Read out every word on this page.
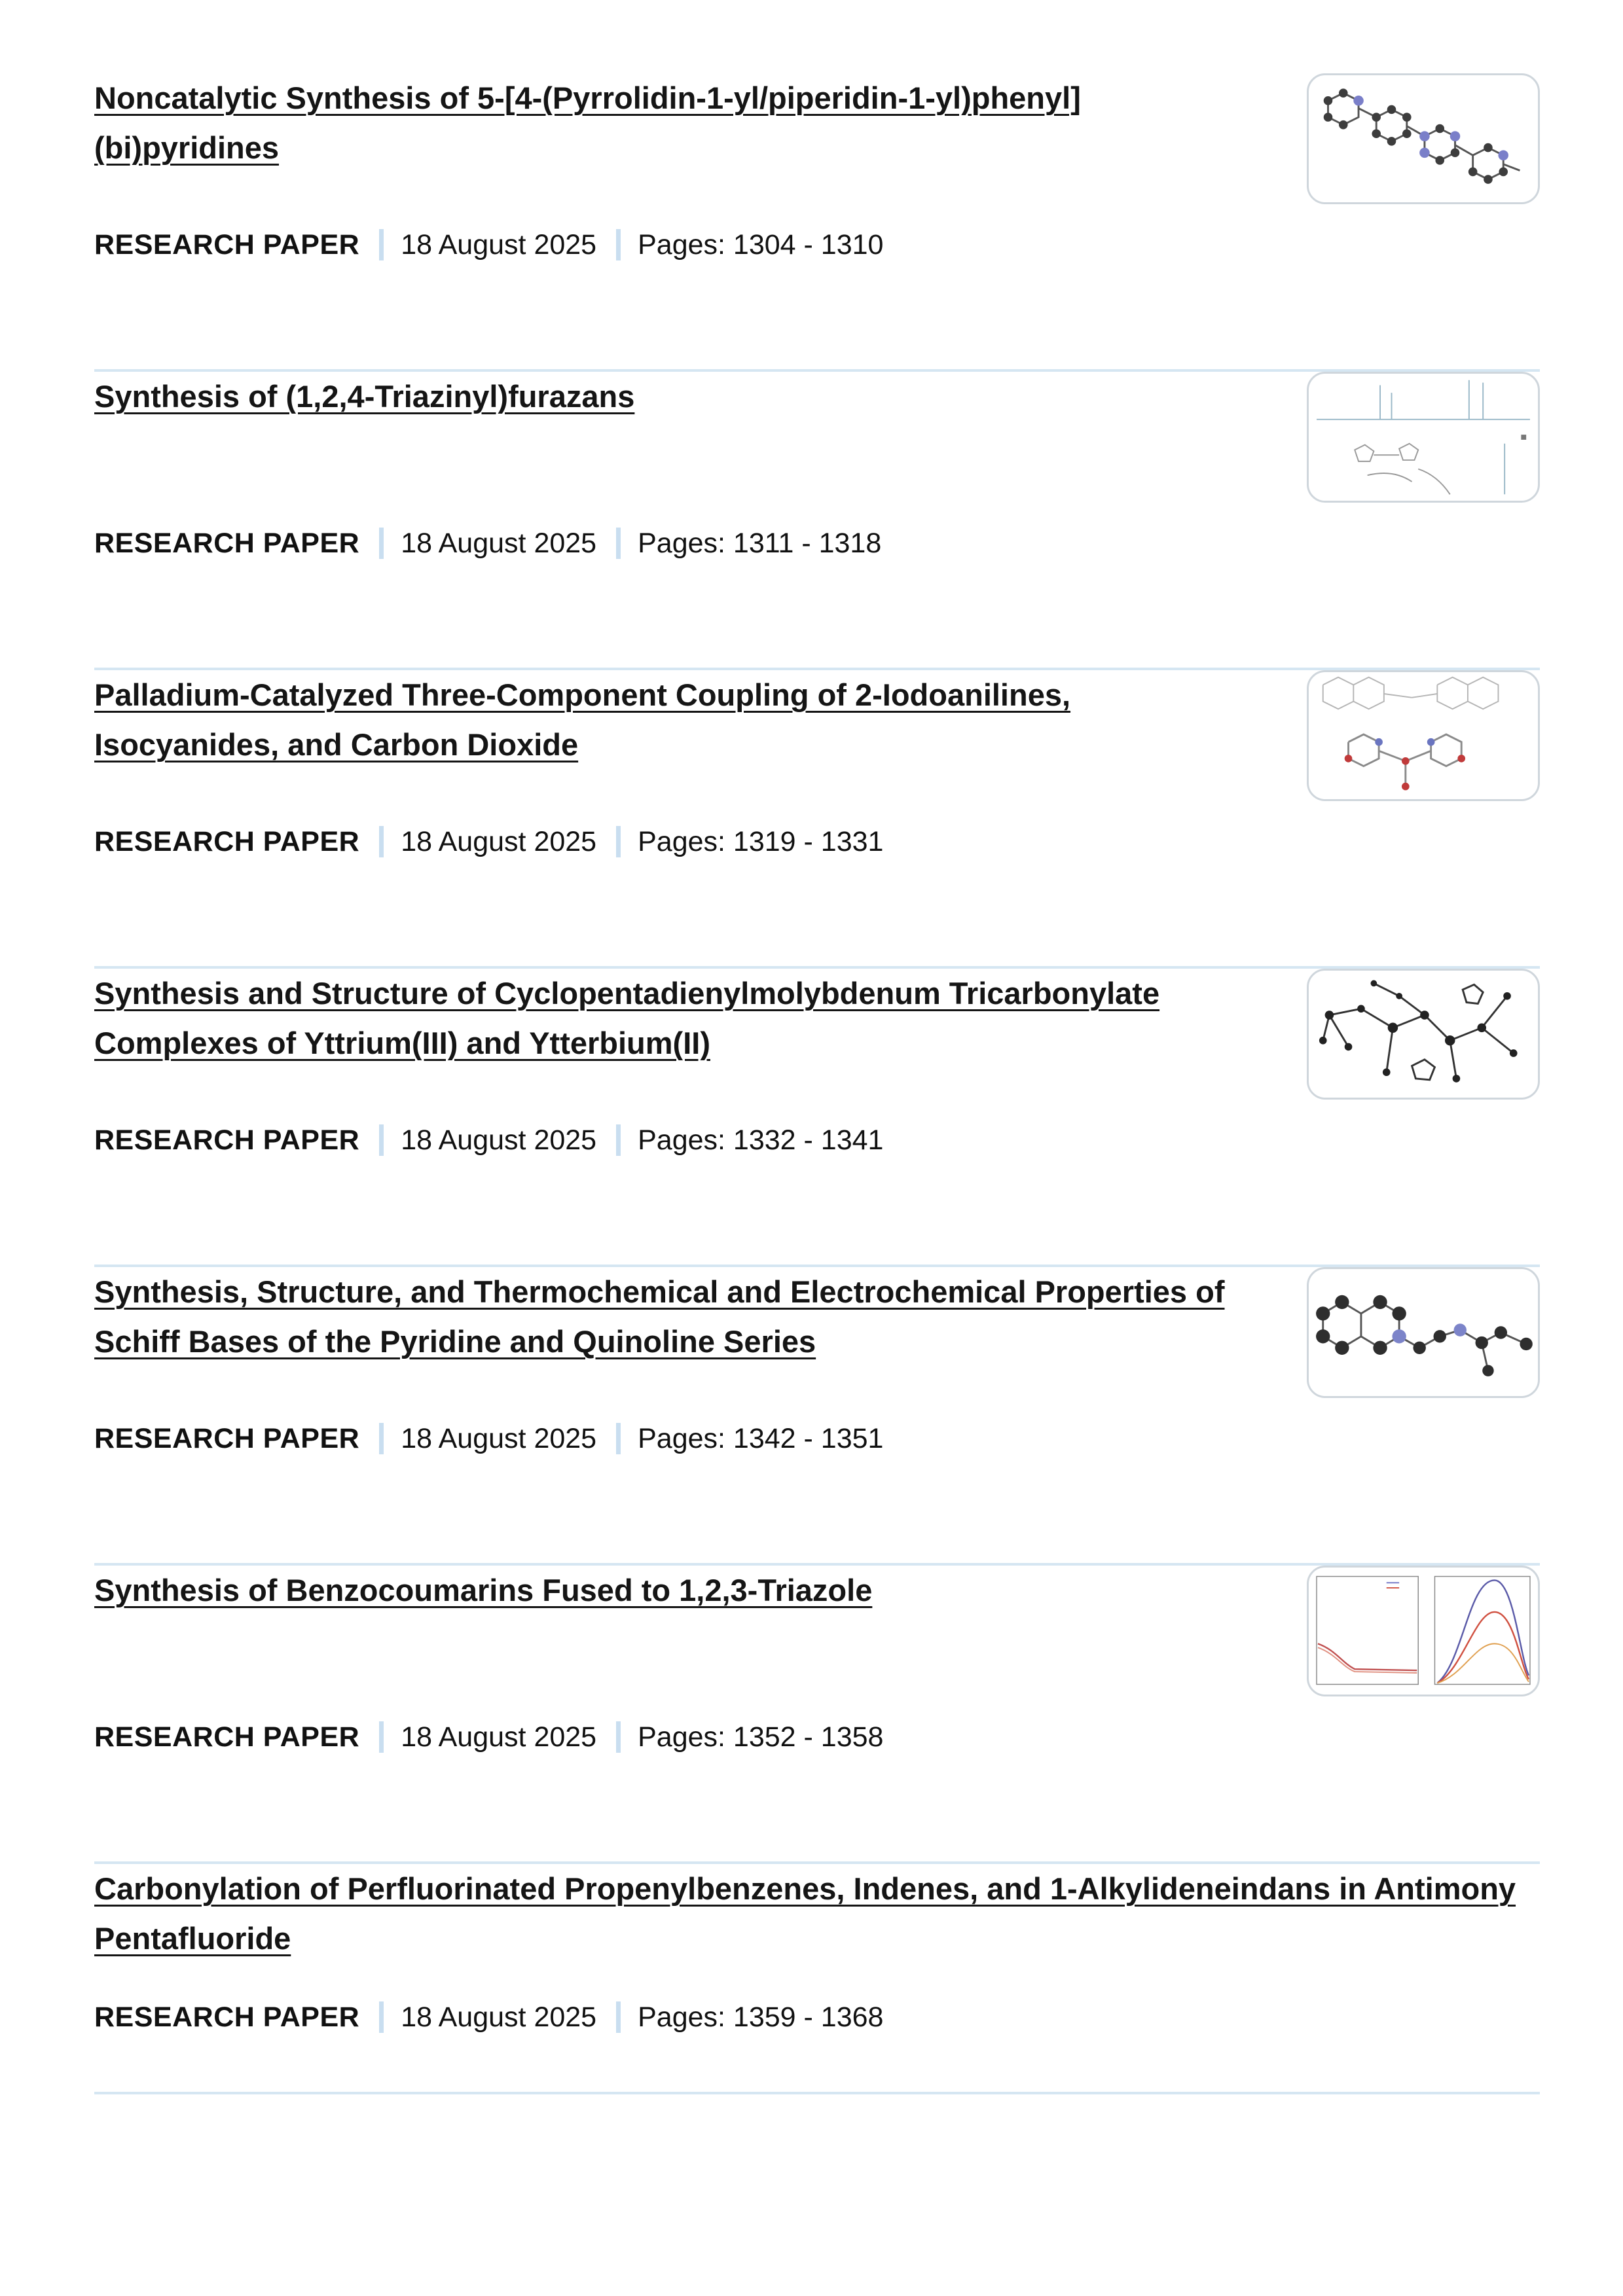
Noncatalytic Synthesis of 5-[4-(Pyrrolidin-1-yl/piperidin-1-yl)phenyl](bi)pyridines
RESEARCH PAPER 18 August 2025 Pages: 1304 - 1310
Synthesis of (1,2,4-Triazinyl)furazans
RESEARCH PAPER 18 August 2025 Pages: 1311 - 1318
Palladium-Catalyzed Three-Component Coupling of 2-Iodoanilines, Isocyanides, and Carbon Dioxide
RESEARCH PAPER 18 August 2025 Pages: 1319 - 1331
Synthesis and Structure of Cyclopentadienylmolybdenum Tricarbonylate Complexes of Yttrium(III) and Ytterbium(II)
RESEARCH PAPER 18 August 2025 Pages: 1332 - 1341
Synthesis, Structure, and Thermochemical and Electrochemical Properties of Schiff Bases of the Pyridine and Quinoline Series
RESEARCH PAPER 18 August 2025 Pages: 1342 - 1351
Synthesis of Benzocoumarins Fused to 1,2,3-Triazole
RESEARCH PAPER 18 August 2025 Pages: 1352 - 1358
Carbonylation of Perfluorinated Propenylbenzenes, Indenes, and 1-Alkylideneindans in Antimony Pentafluoride
RESEARCH PAPER 18 August 2025 Pages: 1359 - 1368
